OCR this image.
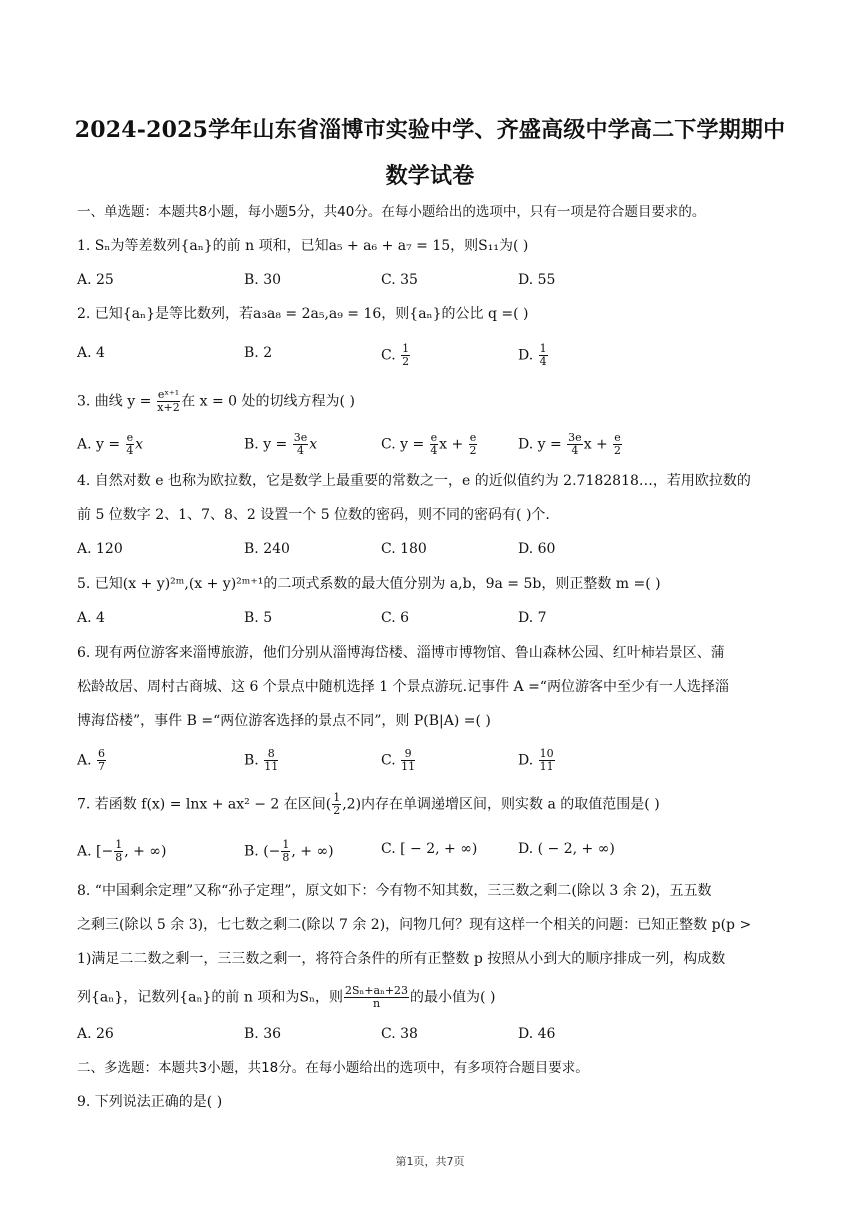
2024-2025学年山东省淄博市实验中学、齐盛高级中学高二下学期期中
数学试卷
一、单选题：本题共8小题，每小题5分，共40分。在每小题给出的选项中，只有一项是符合题目要求的。
1. Sₙ为等差数列{aₙ}的前 n 项和，已知a₅ + a₆ + a₇ = 15，则S₁₁为( )
A. 25	B. 30	C. 35	D. 55
2. 已知{aₙ}是等比数列，若a₃a₈ = 2a₅,a₉ = 16，则{aₙ}的公比 q =( )
A. 4	B. 2	C. $\frac{1}{2}$	D. $\frac{1}{4}$
3. 曲线 $y = \frac{\text{eˣ⁺¹}}{x+2}$ 在 x = 0 处的切线方程为( )
A. $y = \frac{e}{4}$ x	B. $y = \frac{3e}{4}$ x	C. $y = \frac{e}{4}$ $x + \frac{e}{2}$	D. $y = \frac{3e}{4}$ $x + \frac{e}{2}$
4. 自然对数 e 也称为欧拉数，它是数学上最重要的常数之一，e 的近似值约为 2.7182818…，若用欧拉数的
前 5 位数字 2、1、7、8、2 设置一个 5 位数的密码，则不同的密码有( )个.
A. 120	B. 240	C. 180	D. 60
5. 已知(x + y)²ᵐ,(x + y)²ᵐ⁺¹的二项式系数的最大值分别为 a,b，9a = 5b，则正整数 m =( )
A. 4	B. 5	C. 6	D. 7
6. 现有两位游客来淄博旅游，他们分别从淄博海岱楼、淄博市博物馆、鲁山森林公园、红叶柿岩景区、蒲
松龄故居、周村古商城、这 6 个景点中随机选择 1 个景点游玩.记事件 A =“两位游客中至少有一人选择淄
博海岱楼”，事件 B =“两位游客选择的景点不同”，则 P(B|A) =( )
A. $\frac{6}{7}$	B. $\frac{8}{11}$	C. $\frac{9}{11}$	D. $\frac{10}{11}$
7. 若函数 f(x) = lnx + ax² − 2 在区间( $\frac{1}{2} ,2$)内存在单调递增区间，则实数 a 的取值范围是( )
A. [− $\frac{1}{8}$ , + ∞)	B. (− $\frac{1}{8}$ , + ∞)	C. [ − 2, + ∞)	D. ( − 2, + ∞)
8. “中国剩余定理”又称“孙子定理”，原文如下：今有物不知其数，三三数之剩二(除以 3 余 2)，五五数
之剩三(除以 5 余 3)，七七数之剩二(除以 7 余 2)，问物几何？现有这样一个相关的问题：已知正整数 p(p >
1)满足二二数之剩一，三三数之剩一，将符合条件的所有正整数 p 按照从小到大的顺序排成一列，构成数
列{aₙ}，记数列{aₙ}的前 n 项和为Sₙ，则 $\frac{\text{2Sₙ+aₙ+23}}{n}$ 的最小值为( )
A. 26	B. 36	C. 38	D. 46
二、多选题：本题共3小题，共18分。在每小题给出的选项中，有多项符合题目要求。
9. 下列说法正确的是( )
第1页，共7页
